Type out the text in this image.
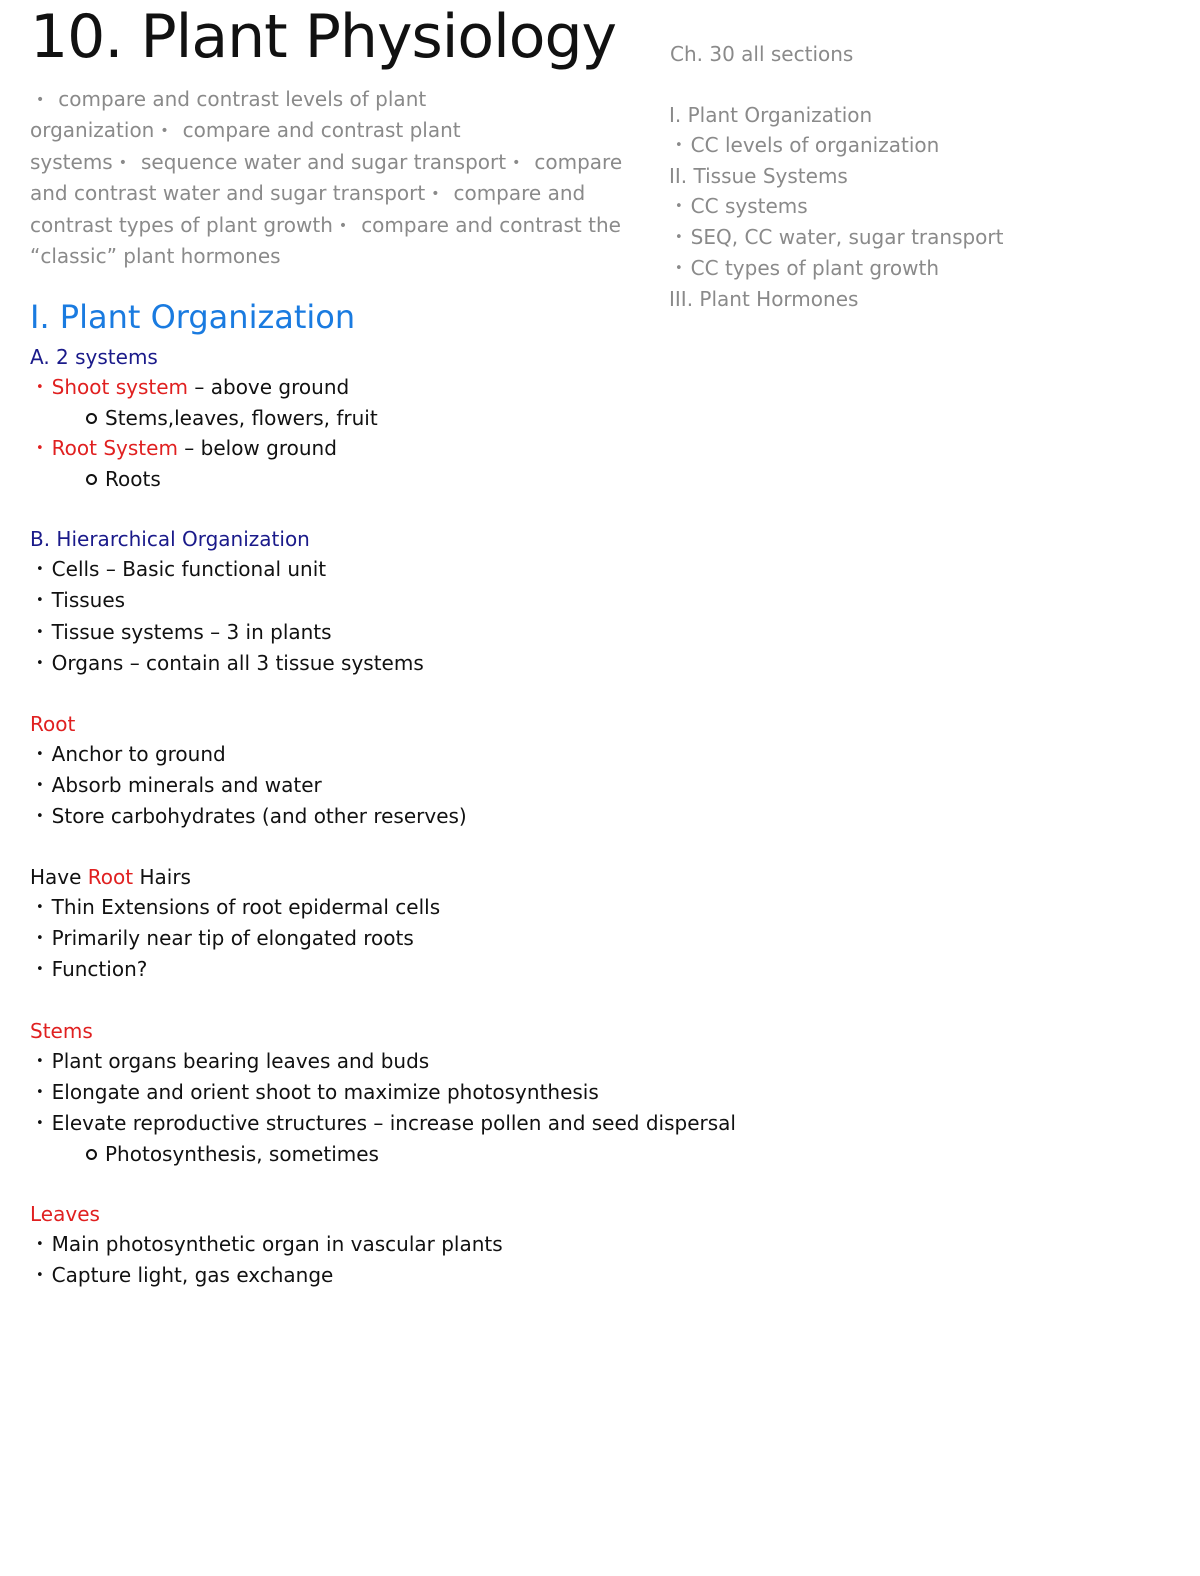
10. Plant Physiology	Ch. 30 all sections
• compare and contrast levels of plant organization • compare and contrast plant systems • sequence water and sugar transport • compare and contrast water and sugar transport • compare and contrast types of plant growth • compare and contrast the “classic” plant hormones
I. Plant Organization
• CC levels of organization
II. Tissue Systems
• CC systems
• SEQ, CC water, sugar transport
• CC types of plant growth
III. Plant Hormones
I. Plant Organization
A. 2 systems
• Shoot system – above ground
Stems,leaves, flowers, fruit
• Root System – below ground
Roots
B. Hierarchical Organization
• Cells – Basic functional unit
• Tissues
• Tissue systems – 3 in plants
• Organs – contain all 3 tissue systems
Root
• Anchor to ground
• Absorb minerals and water
• Store carbohydrates (and other reserves)
Have Root Hairs
• Thin Extensions of root epidermal cells
• Primarily near tip of elongated roots
• Function?
Stems
• Plant organs bearing leaves and buds
• Elongate and orient shoot to maximize photosynthesis
• Elevate reproductive structures – increase pollen and seed dispersal
Photosynthesis, sometimes
Leaves
• Main photosynthetic organ in vascular plants
• Capture light, gas exchange
